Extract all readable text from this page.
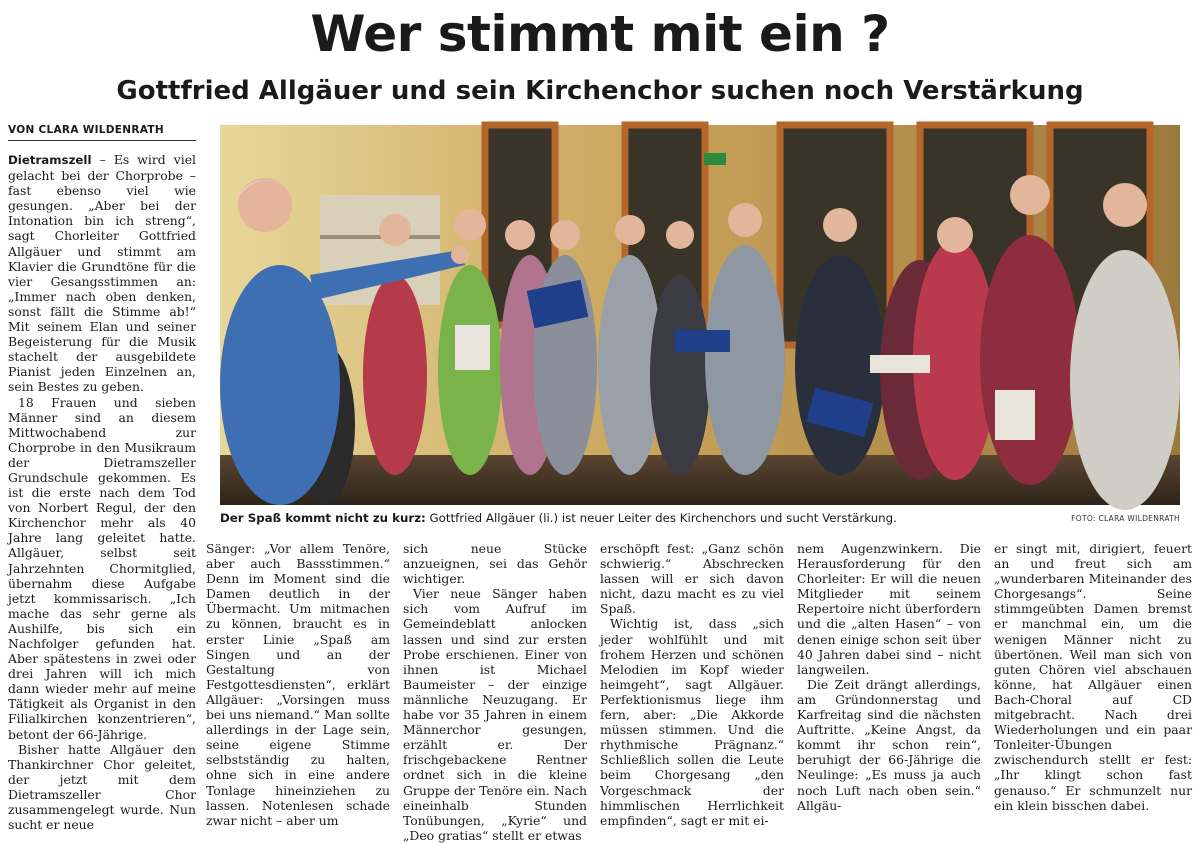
Wer stimmt mit ein ?
Gottfried Allgäuer und sein Kirchenchor suchen noch Verstärkung
VON CLARA WILDENRATH

Dietramszell – Es wird viel gelacht bei der Chorprobe – fast ebenso viel wie gesungen. „Aber bei der Intonation bin ich streng“, sagt Chorleiter Gottfried Allgäuer und stimmt am Klavier die Grundtöne für die vier Gesangsstimmen an: „Immer nach oben denken, sonst fällt die Stimme ab!“ Mit seinem Elan und seiner Begeisterung für die Musik stachelt der ausgebildete Pianist jeden Einzelnen an, sein Bestes zu geben.

18 Frauen und sieben Männer sind an diesem Mittwochabend zur Chorprobe in den Musikraum der Dietramszeller Grundschule gekommen. Es ist die erste nach dem Tod von Norbert Regul, der den Kirchenchor mehr als 40 Jahre lang geleitet hatte. Allgäuer, selbst seit Jahrzehnten Chormitglied, übernahm diese Aufgabe jetzt kommissarisch. „Ich mache das sehr gerne als Aushilfe, bis sich ein Nachfolger gefunden hat. Aber spätestens in zwei oder drei Jahren will ich mich dann wieder mehr auf meine Tätigkeit als Organist in den Filialkirchen konzentrieren“, betont der 66-Jährige.

Bisher hatte Allgäuer den Thankirchner Chor geleitet, der jetzt mit dem Dietramszeller Chor zusammengelegt wurde. Nun sucht er neue

Der Spaß kommt nicht zu kurz: Gottfried Allgäuer (li.) ist neuer Leiter des Kirchenchors und sucht Verstärkung.	FOTO: CLARA WILDENRATH

Sänger: „Vor allem Tenöre, aber auch Bassstimmen.“ Denn im Moment sind die Damen deutlich in der Übermacht. Um mitmachen zu können, braucht es in erster Linie „Spaß am Singen und an der Gestaltung von Festgottesdiensten“, erklärt Allgäuer: „Vorsingen muss bei uns niemand.“ Man sollte allerdings in der Lage sein, seine eigene Stimme selbstständig zu halten, ohne sich in eine andere Tonlage hineinziehen zu lassen. Notenlesen schade zwar nicht – aber um

sich neue Stücke anzueignen, sei das Gehör wichtiger.

Vier neue Sänger haben sich vom Aufruf im Gemeindeblatt anlocken lassen und sind zur ersten Probe erschienen. Einer von ihnen ist Michael Baumeister – der einzige männliche Neuzugang. Er habe vor 35 Jahren in einem Männerchor gesungen, erzählt er. Der frischgebackene Rentner ordnet sich in die kleine Gruppe der Tenöre ein. Nach eineinhalb Stunden Tonübungen, „Kyrie“ und „Deo gratias“ stellt er etwas

erschöpft fest: „Ganz schön schwierig.“ Abschrecken lassen will er sich davon nicht, dazu macht es zu viel Spaß.

Wichtig ist, dass „sich jeder wohlfühlt und mit frohem Herzen und schönen Melodien im Kopf wieder heimgeht“, sagt Allgäuer. Perfektionismus liege ihm fern, aber: „Die Akkorde müssen stimmen. Und die rhythmische Prägnanz.“ Schließlich sollen die Leute beim Chorgesang „den Vorgeschmack der himmlischen Herrlichkeit empfinden“, sagt er mit ei-

nem Augenzwinkern. Die Herausforderung für den Chorleiter: Er will die neuen Mitglieder mit seinem Repertoire nicht überfordern und die „alten Hasen“ – von denen einige schon seit über 40 Jahren dabei sind – nicht langweilen.

Die Zeit drängt allerdings, am Gründonnerstag und Karfreitag sind die nächsten Auftritte. „Keine Angst, da kommt ihr schon rein“, beruhigt der 66-Jährige die Neulinge: „Es muss ja auch noch Luft nach oben sein.“ Allgäu-

er singt mit, dirigiert, feuert an und freut sich am „wunderbaren Miteinander des Chorgesangs“. Seine stimmgeübten Damen bremst er manchmal ein, um die wenigen Männer nicht zu übertönen. Weil man sich von guten Chören viel abschauen könne, hat Allgäuer einen Bach-Choral auf CD mitgebracht. Nach drei Wiederholungen und ein paar Tonleiter-Übungen zwischendurch stellt er fest: „Ihr klingt schon fast genauso.“ Er schmunzelt nur ein klein bisschen dabei.
